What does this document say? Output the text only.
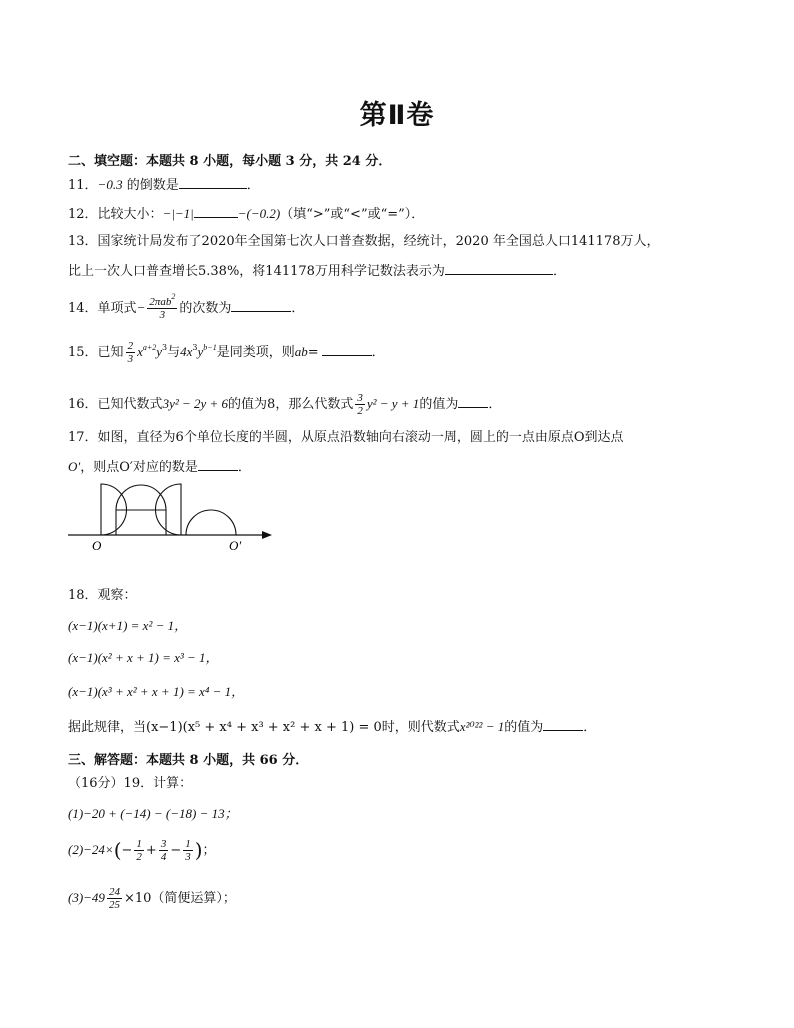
第Ⅱ卷
二、填空题：本题共 8 小题，每小题 3 分，共 24 分．
11．−0.3 的倒数是	．
12．比较大小：−|−1|	−(−0.2)（填“>”或“<”或“=”）．
13．国家统计局发布了2020年全国第七次人口普查数据，经统计，2020 年全国总人口141178万人，
比上一次人口普查增长5.38%，将141178万用科学记数法表示为	．
14．单项式− $\frac{2\pi ab^2}{3}$ 的次数为	．
15．已知 $\frac{2}{3} x^{a+2}y^3$与$4x^3y^{b-1}$是同类项，则ab=	．
16．已知代数式3y² − 2y + 6的值为8，那么代数式 $\frac{3}{2} y^2 - y + 1$的值为 ．
17．如图，直径为6个单位长度的半圆，从原点沿数轴向右滚动一周，圆上的一点由原点O到达点
O′，则点O′对应的数是	．
O	O′
18．观察：
(x−1)(x+1) = x² − 1，
(x−1)(x² + x + 1) = x³ − 1，
(x−1)(x³ + x² + x + 1) = x⁴ − 1，
据此规律，当(x−1)(x⁵ + x⁴ + x³ + x² + x + 1) = 0时，则代数式x²⁰²² − 1的值为	．
三、解答题：本题共 8 小题，共 66 分．
（16分）19．计算：
(1)−20 + (−14) − (−18) − 13；
$(2)-24\times(- \frac{1}{2} + \frac{3}{4} - \frac{1}{3}$ )；
$(3)-49 \frac{24}{25} \times 10$（简便运算）；
